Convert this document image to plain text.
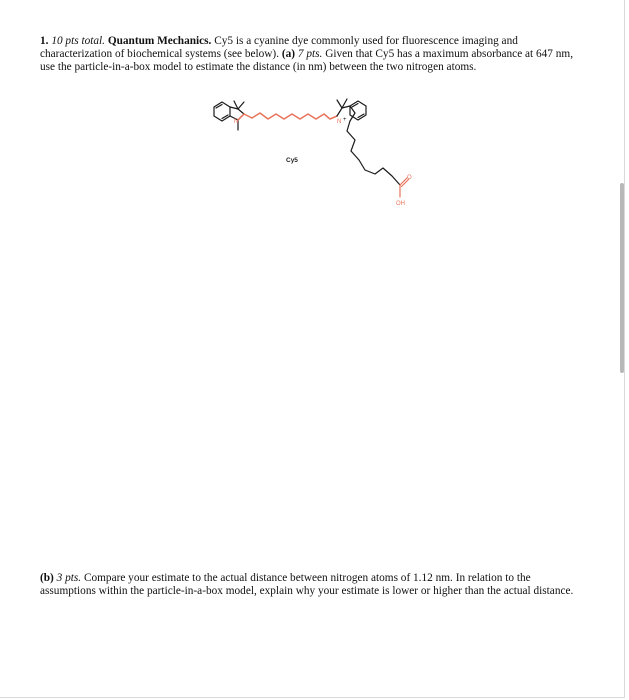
1. 10 pts total. Quantum Mechanics. Cy5 is a cyanine dye commonly used for fluorescence imaging and characterization of biochemical systems (see below). (a) 7 pts. Given that Cy5 has a maximum absorbance at 647 nm, use the particle-in-a-box model to estimate the distance (in nm) between the two nitrogen atoms.
N	N +
O
OH
Cy5
(b) 3 pts. Compare your estimate to the actual distance between nitrogen atoms of 1.12 nm. In relation to the assumptions within the particle-in-a-box model, explain why your estimate is lower or higher than the actual distance.
